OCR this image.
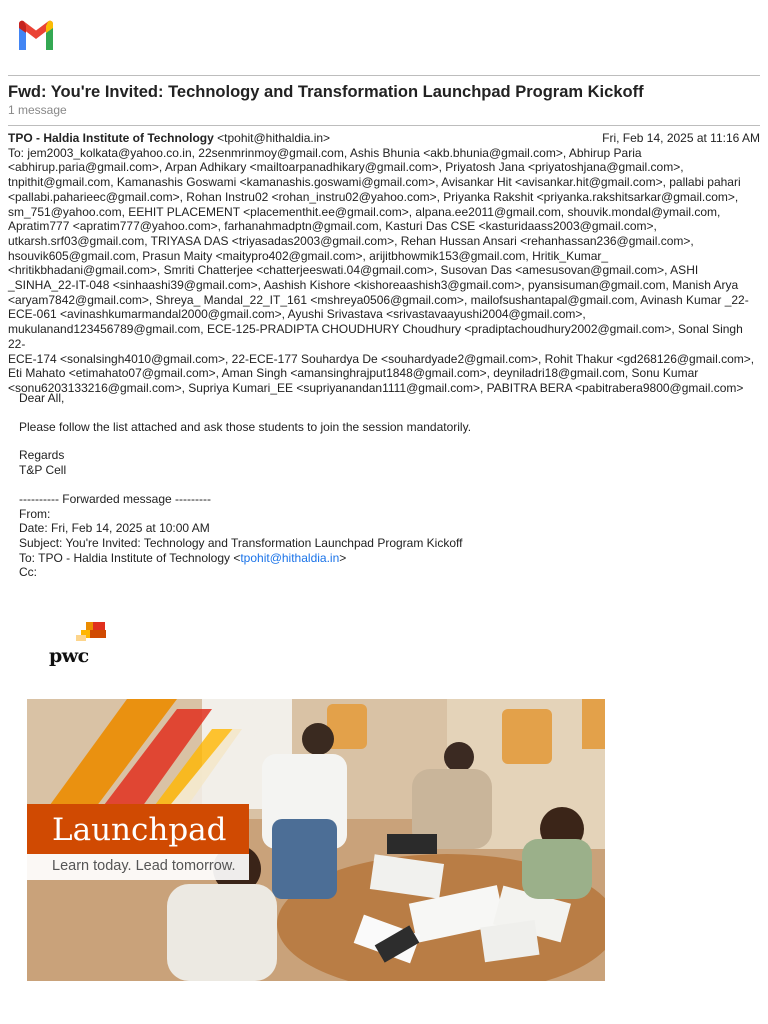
Fwd: You're Invited: Technology and Transformation Launchpad Program Kickoff
1 message
TPO - Haldia Institute of Technology <tpohit@hithaldia.in>	Fri, Feb 14, 2025 at 11:16 AM
To: jem2003_kolkata@yahoo.co.in, 22senmrinmoy@gmail.com, Ashis Bhunia <akb.bhunia@gmail.com>, Abhirup Paria
<abhirup.paria@gmail.com>, Arpan Adhikary <mailtoarpanadhikary@gmail.com>, Priyatosh Jana <priyatoshjana@gmail.com>,
tnpithit@gmail.com, Kamanashis Goswami <kamanashis.goswami@gmail.com>, Avisankar Hit <avisankar.hit@gmail.com>, pallabi pahari
<pallabi.paharieec@gmail.com>, Rohan Instru02 <rohan_instru02@yahoo.com>, Priyanka Rakshit <priyanka.rakshitsarkar@gmail.com>,
sm_751@yahoo.com, EEHIT PLACEMENT <placementhit.ee@gmail.com>, alpana.ee2011@gmail.com, shouvik.mondal@ymail.com,
Apratim777 <apratim777@yahoo.com>, farhanahmadptn@gmail.com, Kasturi Das CSE <kasturidaass2003@gmail.com>,
utkarsh.srf03@gmail.com, TRIYASA DAS <triyasadas2003@gmail.com>, Rehan Hussan Ansari <rehanhassan236@gmail.com>,
hsouvik605@gmail.com, Prasun Maity <maitypro402@gmail.com>, arijitbhowmik153@gmail.com, Hritik_Kumar_
<hritikbhadani@gmail.com>, Smriti Chatterjee <chatterjeeswati.04@gmail.com>, Susovan Das <amesusovan@gmail.com>, ASHI
_SINHA_22-IT-048 <sinhaashi39@gmail.com>, Aashish Kishore <kishoreaashish3@gmail.com>, pyansisuman@gmail.com, Manish Arya
<aryam7842@gmail.com>, Shreya_ Mandal_22_IT_161 <mshreya0506@gmail.com>, mailofsushantapal@gmail.com, Avinash Kumar _22-
ECE-061 <avinashkumarmandal2000@gmail.com>, Ayushi Srivastava <srivastavaayushi2004@gmail.com>,
mukulanand123456789@gmail.com, ECE-125-PRADIPTA CHOUDHURY Choudhury <pradiptachoudhury2002@gmail.com>, Sonal Singh 22-
ECE-174 <sonalsingh4010@gmail.com>, 22-ECE-177 Souhardya De <souhardyade2@gmail.com>, Rohit Thakur <gd268126@gmail.com>,
Eti Mahato <etimahato07@gmail.com>, Aman Singh <amansinghrajput1848@gmail.com>, deyniladri18@gmail.com, Sonu Kumar
<sonu6203133216@gmail.com>, Supriya Kumari_EE <supriyanandan1111@gmail.com>, PABITRA BERA <pabitrabera9800@gmail.com>

Dear All,

Please follow the list attached and ask those students to join the session mandatorily.

Regards

T&P Cell

---------- Forwarded message ---------

From:

Date: Fri, Feb 14, 2025 at 10:00 AM

Subject: You're Invited: Technology and Transformation Launchpad Program Kickoff

To: TPO - Haldia Institute of Technology <tpohit@hithaldia.in>

Cc:

pwc
Launchpad
Learn today. Lead tomorrow.
